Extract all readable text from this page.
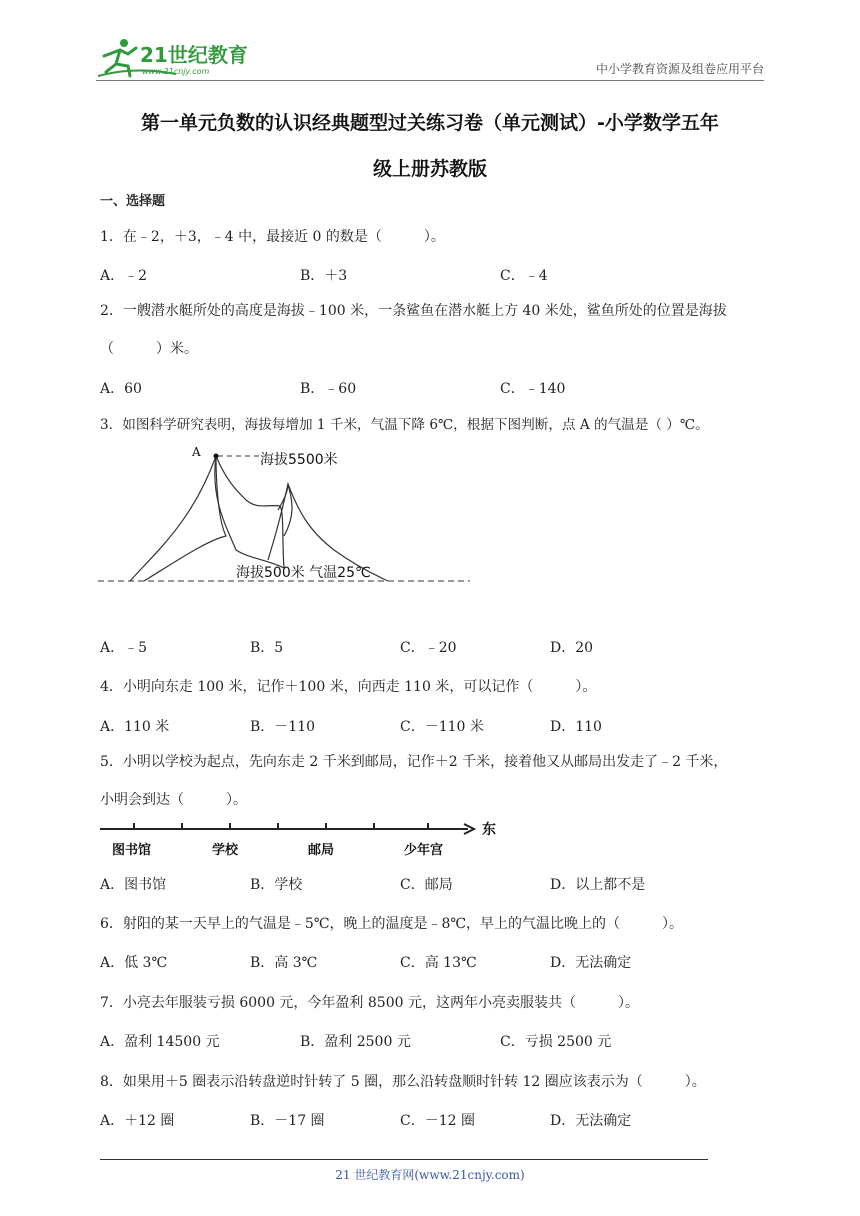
21世纪教育
www.21cnjy.com	中小学教育资源及组卷应用平台
第一单元负数的认识经典题型过关练习卷（单元测试）-小学数学五年
级上册苏教版
一、选择题
1．在﹣2，＋3，﹣4 中，最接近 0 的数是（　　　）。
A．﹣2	B．＋3	C．﹣4
2．一艘潜水艇所处的高度是海拔﹣100 米，一条鲨鱼在潜水艇上方 40 米处，鲨鱼所处的位置是海拔
（　　　）米。
A．60	B．﹣60	C．﹣140
3．如图科学研究表明，海拔每增加 1 千米，气温下降 6℃，根据下图判断，点 A 的气温是（ ）℃。
A	海拔5500米
海拔500米 气温25℃
A．﹣5	B．5	C．﹣20	D．20
4．小明向东走 100 米，记作＋100 米，向西走 110 米，可以记作（　　　）。
A．110 米	B．－110	C．－110 米	D．110
5．小明以学校为起点，先向东走 2 千米到邮局，记作＋2 千米，接着他又从邮局出发走了﹣2 千米，
小明会到达（　　　）。
东
图书馆	学校	邮局	少年宫
A．图书馆	B．学校	C．邮局	D．以上都不是
6．射阳的某一天早上的气温是﹣5℃，晚上的温度是﹣8℃，早上的气温比晚上的（　　　）。
A．低 3℃	B．高 3℃	C．高 13℃	D．无法确定
7．小亮去年服装亏损 6000 元，今年盈利 8500 元，这两年小亮卖服装共（　　　）。
A．盈利 14500 元	B．盈利 2500 元	C．亏损 2500 元
8．如果用＋5 圈表示沿转盘逆时针转了 5 圈，那么沿转盘顺时针转 12 圈应该表示为（　　　）。
A．＋12 圈	B．－17 圈	C．－12 圈	D．无法确定
21 世纪教育网(www.21cnjy.com)
